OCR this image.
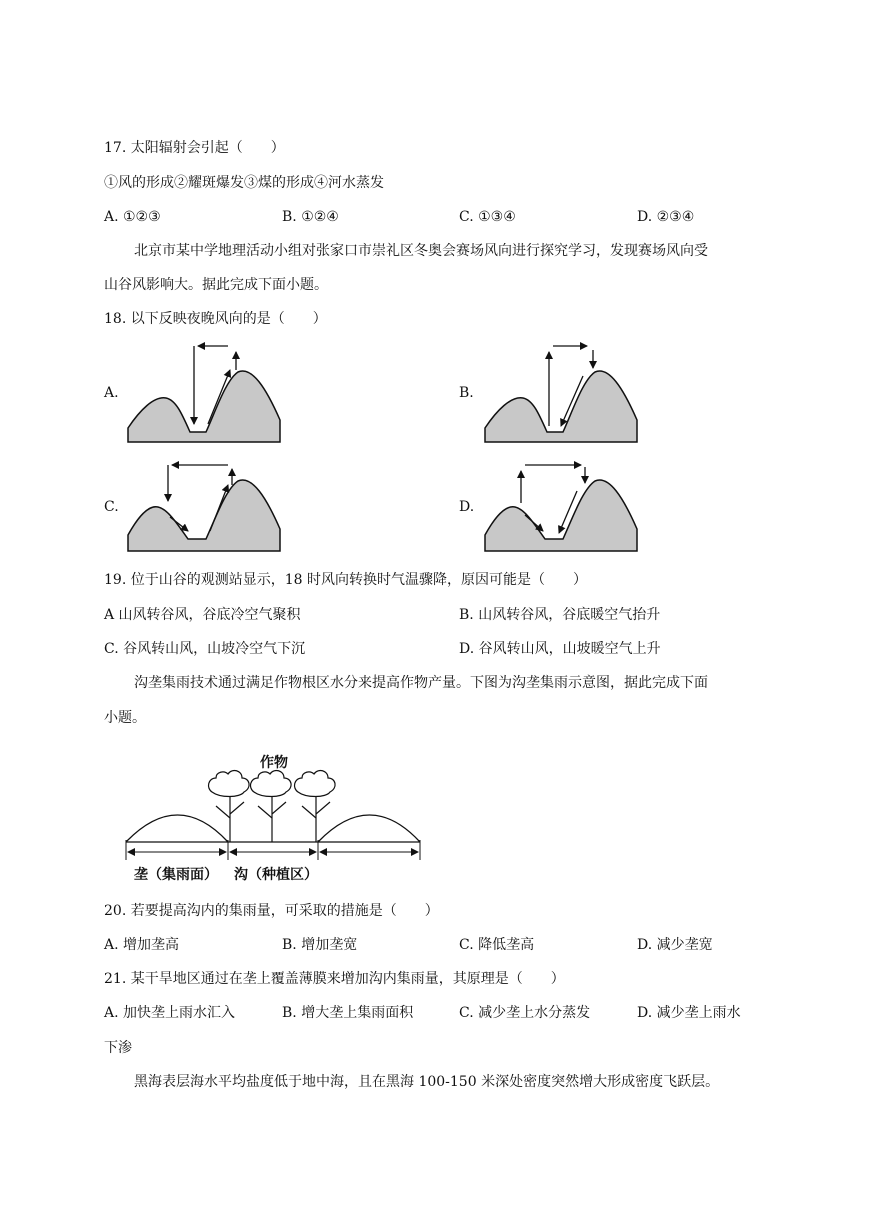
17. 太阳辐射会引起（　　）
①风的形成②耀斑爆发③煤的形成④河水蒸发
A. ①②③	B. ①②④	C. ①③④	D. ②③④
北京市某中学地理活动小组对张家口市崇礼区冬奥会赛场风向进行探究学习，发现赛场风向受
山谷风影响大。据此完成下面小题。
18. 以下反映夜晚风向的是（　　）
A.	B.
C.	D.
19. 位于山谷的观测站显示，18 时风向转换时气温骤降，原因可能是（　　）
A 山风转谷风，谷底冷空气聚积	B. 山风转谷风，谷底暖空气抬升
C. 谷风转山风，山坡冷空气下沉	D. 谷风转山风，山坡暖空气上升
沟垄集雨技术通过满足作物根区水分来提高作物产量。下图为沟垄集雨示意图，据此完成下面
小题。
作物
垄（集雨面） 沟（种植区）
20. 若要提高沟内的集雨量，可采取的措施是（　　）
A. 增加垄高	B. 增加垄宽	C. 降低垄高	D. 减少垄宽
21. 某干旱地区通过在垄上覆盖薄膜来增加沟内集雨量，其原理是（　　）
A. 加快垄上雨水汇入	B. 增大垄上集雨面积	C. 减少垄上水分蒸发	D. 减少垄上雨水
下渗
黑海表层海水平均盐度低于地中海，且在黑海 100-150 米深处密度突然增大形成密度飞跃层。
